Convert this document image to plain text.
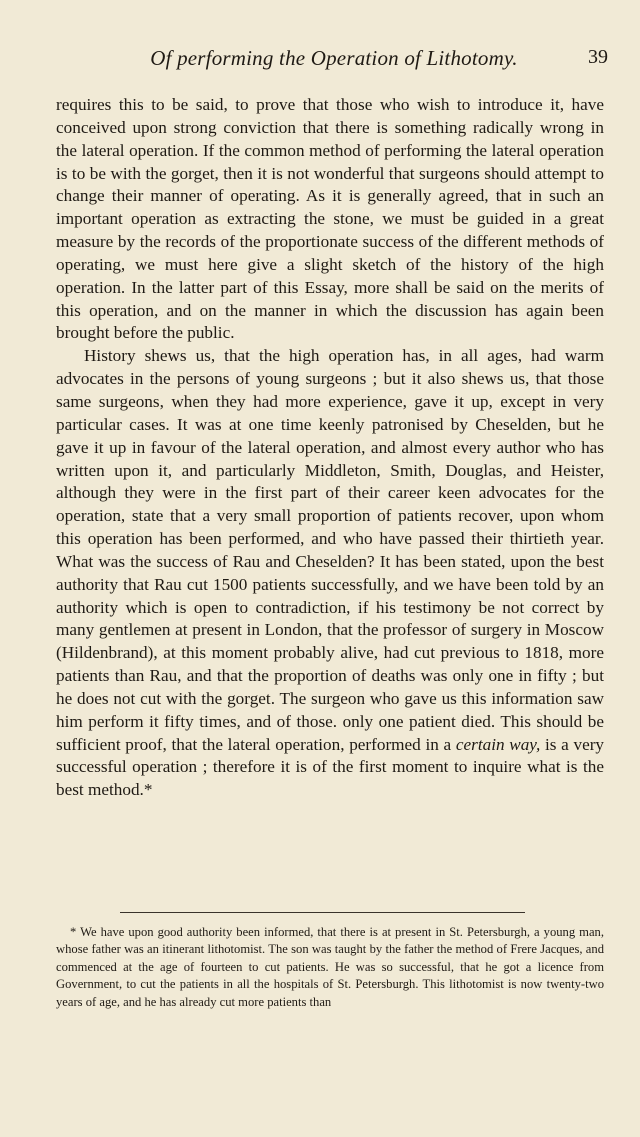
Of performing the Operation of Lithotomy.	39

requires this to be said, to prove that those who wish to introduce it, have conceived upon strong conviction that there is something radically wrong in the lateral operation. If the common method of performing the lateral operation is to be with the gorget, then it is not wonderful that surgeons should attempt to change their manner of operating. As it is generally agreed, that in such an important operation as extracting the stone, we must be guided in a great measure by the records of the proportionate success of the different methods of operating, we must here give a slight sketch of the history of the high operation. In the latter part of this Essay, more shall be said on the merits of this operation, and on the manner in which the discussion has again been brought before the public.

History shews us, that the high operation has, in all ages, had warm advocates in the persons of young surgeons ; but it also shews us, that those same surgeons, when they had more experience, gave it up, except in very particular cases. It was at one time keenly patronised by Cheselden, but he gave it up in favour of the lateral operation, and almost every author who has written upon it, and particularly Middleton, Smith, Douglas, and Heister, although they were in the first part of their career keen advocates for the operation, state that a very small proportion of patients recover, upon whom this operation has been performed, and who have passed their thirtieth year. What was the success of Rau and Cheselden? It has been stated, upon the best authority that Rau cut 1500 patients successfully, and we have been told by an authority which is open to contradiction, if his testimony be not correct by many gentlemen at present in London, that the professor of surgery in Moscow (Hildenbrand), at this moment probably alive, had cut previous to 1818, more patients than Rau, and that the proportion of deaths was only one in fifty ; but he does not cut with the gorget. The surgeon who gave us this information saw him perform it fifty times, and of those. only one patient died. This should be sufficient proof, that the lateral operation, performed in a certain way, is a very successful operation ; therefore it is of the first moment to inquire what is the best method.*

* We have upon good authority been informed, that there is at present in St. Petersburgh, a young man, whose father was an itinerant lithotomist. The son was taught by the father the method of Frere Jacques, and commenced at the age of fourteen to cut patients. He was so successful, that he got a licence from Government, to cut the patients in all the hospitals of St. Petersburgh. This lithotomist is now twenty-two years of age, and he has already cut more patients than
